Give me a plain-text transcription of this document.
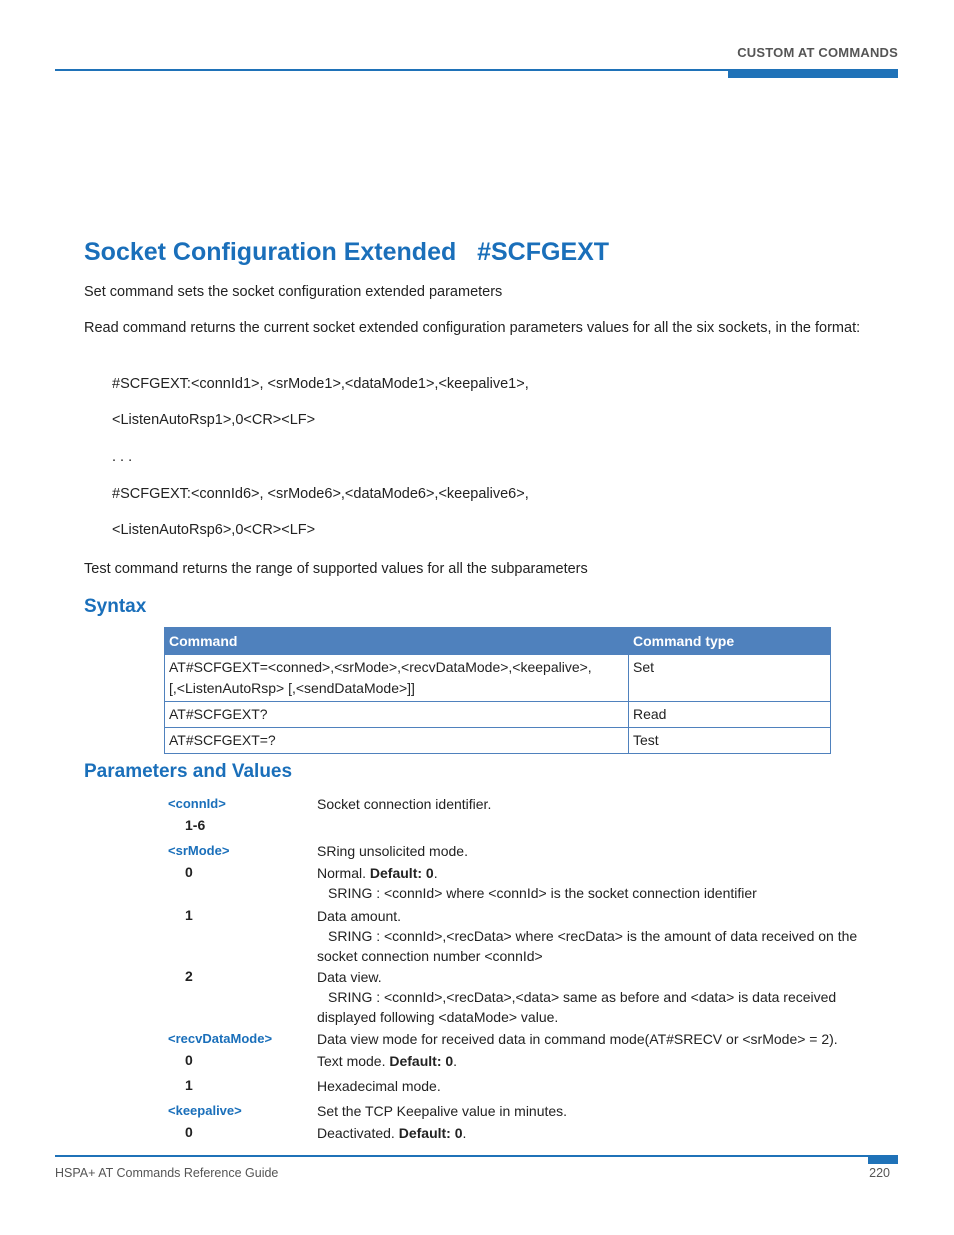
CUSTOM AT COMMANDS
Socket Configuration Extended   #SCFGEXT
Set command sets the socket configuration extended parameters
Read command returns the current socket extended configuration parameters values for all the six sockets, in the format:
#SCFGEXT:<connId1>, <srMode1>,<dataMode1>,<keepalive1>,
<ListenAutoRsp1>,0<CR><LF>
. . .
#SCFGEXT:<connId6>, <srMode6>,<dataMode6>,<keepalive6>,
<ListenAutoRsp6>,0<CR><LF>
Test command returns the range of supported values for all the subparameters
Syntax
Command	Command type

AT#SCFGEXT=<conned>,<srMode>,<recvDataMode>,<keepalive>,
[,<ListenAutoRsp> [,<sendDataMode>]]	Set
AT#SCFGEXT?	Read
AT#SCFGEXT=?	Test
Parameters and Values
<connId>	Socket connection identifier.
1-6
<srMode>	SRing unsolicited mode.
0	Normal. Default: 0.
SRING : <connId> where <connId> is the socket connection identifier
1	Data amount.
SRING : <connId>,<recData> where <recData> is the amount of data received on the socket connection number <connId>
2	Data view.
SRING : <connId>,<recData>,<data> same as before and <data> is data received displayed following <dataMode> value.
<recvDataMode>	Data view mode for received data in command mode(AT#SRECV or <srMode> = 2).
0	Text mode. Default: 0.
1	Hexadecimal mode.
<keepalive>	Set the TCP Keepalive value in minutes.
0	Deactivated. Default: 0.
HSPA+ AT Commands Reference Guide	220
